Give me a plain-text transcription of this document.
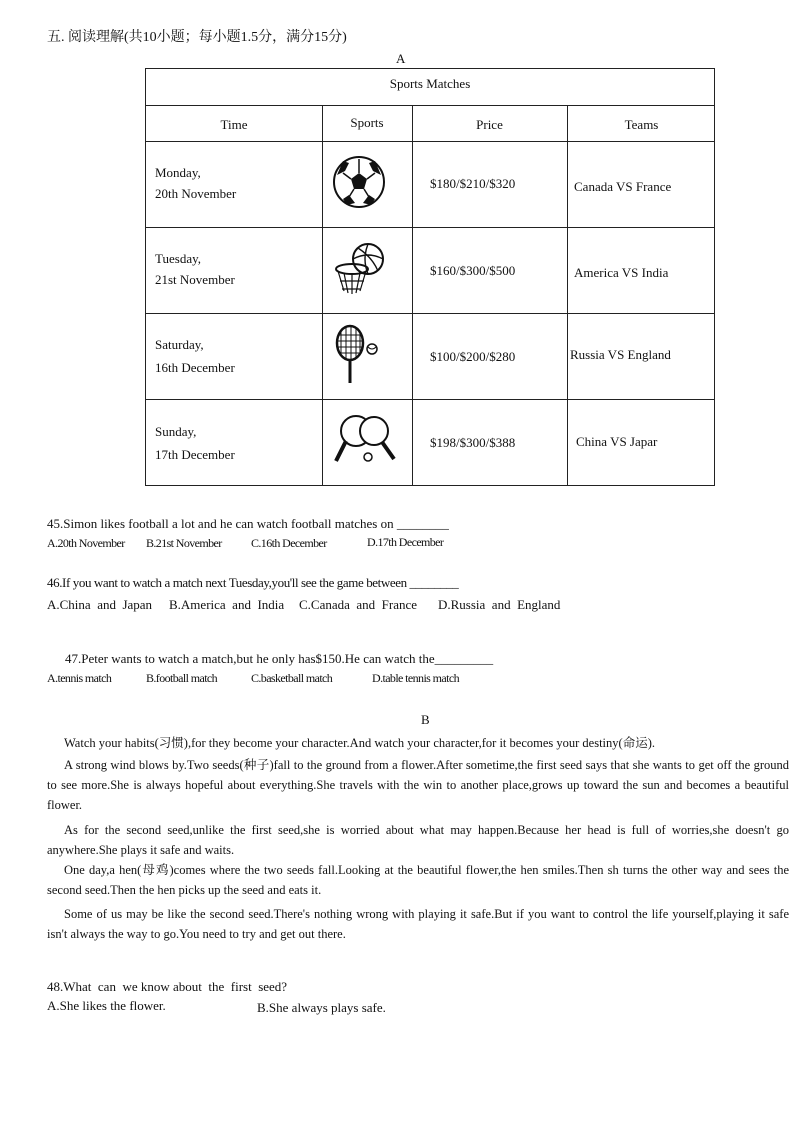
五. 阅读理解(共10小题；每小题1.5分，满分15分)
A
Sports Matches
Time	Sports	Price	Teams
Monday,
20th November
$180/$210/$320	Canada VS France
Tuesday,
21st November
$160/$300/$500	America VS India
Saturday,
16th December
$100/$200/$280	Russia VS England
Sunday,
17th December
$198/$300/$388	China VS Japar
45.Simon likes football a lot and he can watch football matches on ________
A.20th November B.21st November C.16th December	D.17th December
46.If you want to watch a match next Tuesday,you'll see the game between ________
A.China  and  Japan B.America  and  India C.Canada  and  France D.Russia  and  England
47.Peter wants to watch a match,but he only has$150.He can watch the_________
A.tennis match	B.football match	C.basketball match	D.table tennis match
B
Watch your habits(习惯),for they become your character.And watch your character,for it becomes your destiny(命运).
A strong wind blows by.Two seeds(种子)fall to the ground from a flower.After sometime,the first seed says that she wants to get off the ground to see more.She is always hopeful about everything.She travels with the win to another place,grows up toward the sun and becomes a beautiful flower.
As for the second seed,unlike the first seed,she is worried about what may happen.Because her head is full of worries,she doesn't go anywhere.She plays it safe and waits.
One day,a hen(母鸡)comes where the two seeds fall.Looking at the beautiful flower,the hen smiles.Then sh turns the other way and sees the second seed.Then the hen picks up the seed and eats it.
Some of us may be like the second seed.There's nothing wrong with playing it safe.But if you want to control the life yourself,playing it safe isn't always the way to go.You need to try and get out there.
48.What  can  we know about  the  first  seed?
A.She likes the flower.	B.She always plays safe.
